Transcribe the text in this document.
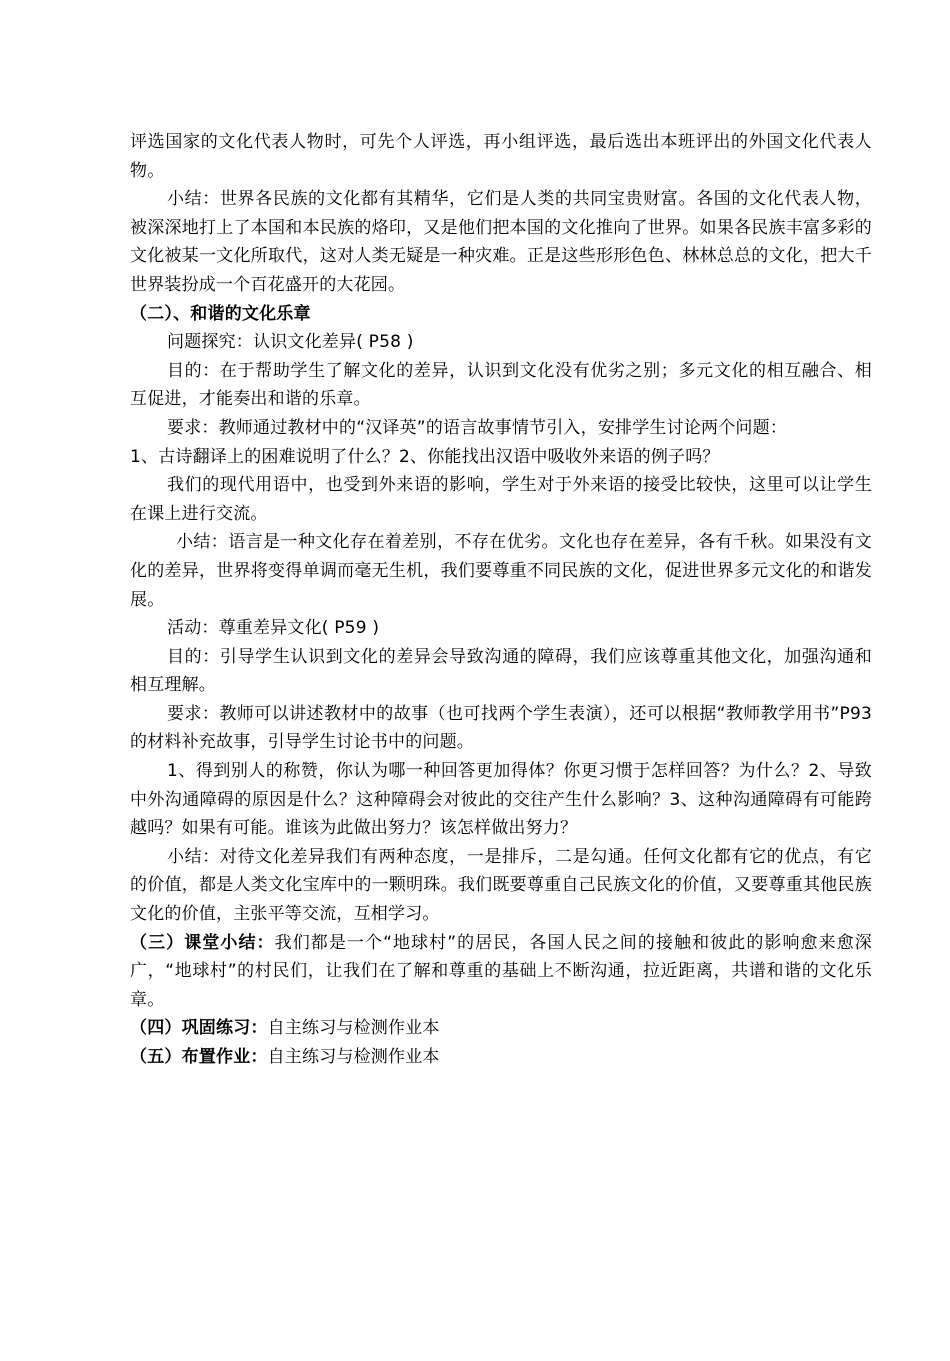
评选国家的文化代表人物时，可先个人评选，再小组评选，最后选出本班评出的外国文化代表人物。

小结：世界各民族的文化都有其精华，它们是人类的共同宝贵财富。各国的文化代表人物，被深深地打上了本国和本民族的烙印，又是他们把本国的文化推向了世界。如果各民族丰富多彩的文化被某一文化所取代，这对人类无疑是一种灾难。正是这些形形色色、林林总总的文化，把大千世界装扮成一个百花盛开的大花园。

（二）、和谐的文化乐章

问题探究：认识文化差异( P58 )

目的：在于帮助学生了解文化的差异，认识到文化没有优劣之别；多元文化的相互融合、相互促进，才能奏出和谐的乐章。

要求：教师通过教材中的“汉译英”的语言故事情节引入，安排学生讨论两个问题：

1、古诗翻译上的困难说明了什么？2、你能找出汉语中吸收外来语的例子吗？

我们的现代用语中，也受到外来语的影响，学生对于外来语的接受比较快，这里可以让学生在课上进行交流。

小结：语言是一种文化存在着差别，不存在优劣。文化也存在差异，各有千秋。如果没有文化的差异，世界将变得单调而毫无生机，我们要尊重不同民族的文化，促进世界多元文化的和谐发展。

活动：尊重差异文化( P59 )

目的：引导学生认识到文化的差异会导致沟通的障碍，我们应该尊重其他文化，加强沟通和相互理解。

要求：教师可以讲述教材中的故事（也可找两个学生表演），还可以根据“教师教学用书”P93的材料补充故事，引导学生讨论书中的问题。

1、得到别人的称赞，你认为哪一种回答更加得体？你更习惯于怎样回答？为什么？2、导致中外沟通障碍的原因是什么？这种障碍会对彼此的交往产生什么影响？3、这种沟通障碍有可能跨越吗？如果有可能。谁该为此做出努力？该怎样做出努力？

小结：对待文化差异我们有两种态度，一是排斥，二是勾通。任何文化都有它的优点，有它的价值，都是人类文化宝库中的一颗明珠。我们既要尊重自己民族文化的价值，又要尊重其他民族文化的价值，主张平等交流，互相学习。

（三）课堂小结：我们都是一个“地球村”的居民，各国人民之间的接触和彼此的影响愈来愈深广，“地球村”的村民们，让我们在了解和尊重的基础上不断沟通，拉近距离，共谱和谐的文化乐章。

（四）巩固练习：自主练习与检测作业本

（五）布置作业：自主练习与检测作业本
